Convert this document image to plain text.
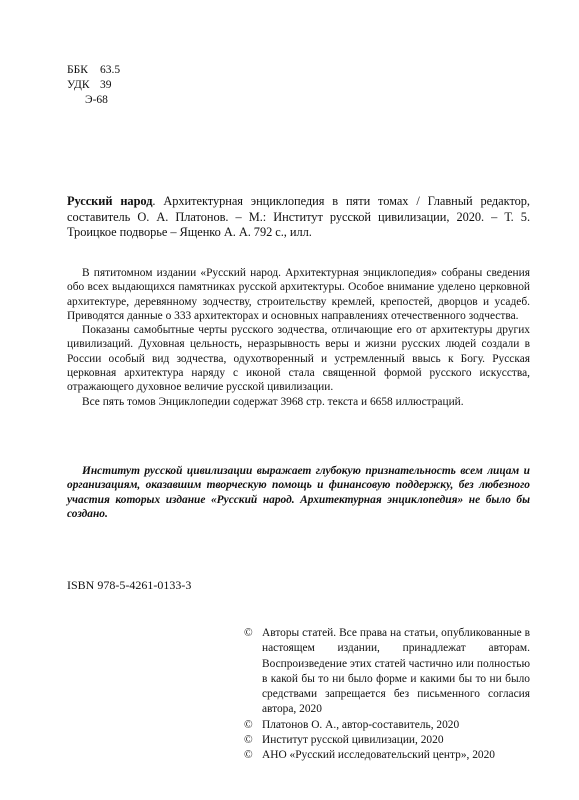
ББК	63.5
УДК 39
Э-68
Русский народ. Архитектурная энциклопедия в пяти томах / Главный редактор, составитель О. А. Платонов. – М.: Институт русской цивилизации, 2020. – Т. 5. Троицкое подворье – Ященко А. А. 792 с., илл.

В пятитомном издании «Русский народ. Архитектурная энциклопедия» собраны сведения обо всех выдающихся памятниках русской архитектуры. Особое внимание уделено церковной архитектуре, деревянному зодчеству, строительству кремлей, крепостей, дворцов и усадеб. Приводятся данные о 333 архитекторах и основных направлениях отечественного зодчества.

Показаны самобытные черты русского зодчества, отличающие его от архитектуры других цивилизаций. Духовная цельность, неразрывность веры и жизни русских людей создали в России особый вид зодчества, одухотворенный и устремленный ввысь к Богу. Русская церковная архитектура наряду с иконой стала священной формой русского искусства, отражающего духовное величие русской цивилизации.

Все пять томов Энциклопедии содержат 3968 стр. текста и 6658 иллюстраций.

Институт русской цивилизации выражает глубокую признательность всем лицам и организациям, оказавшим творческую помощь и финансовую поддержку, без любезного участия которых издание «Русский народ. Архитектурная энциклопедия» не было бы создано.

ISBN 978-5-4261-0133-3
© Авторы статей. Все права на статьи, опубликованные в настоящем издании, принадлежат авторам. Воспроизведение этих статей частично или полностью в какой бы то ни было форме и какими бы то ни было средствами запрещается без письменного согласия автора, 2020
© Платонов О. А., автор-составитель, 2020
© Институт русской цивилизации, 2020
© АНО «Русский исследовательский центр», 2020
